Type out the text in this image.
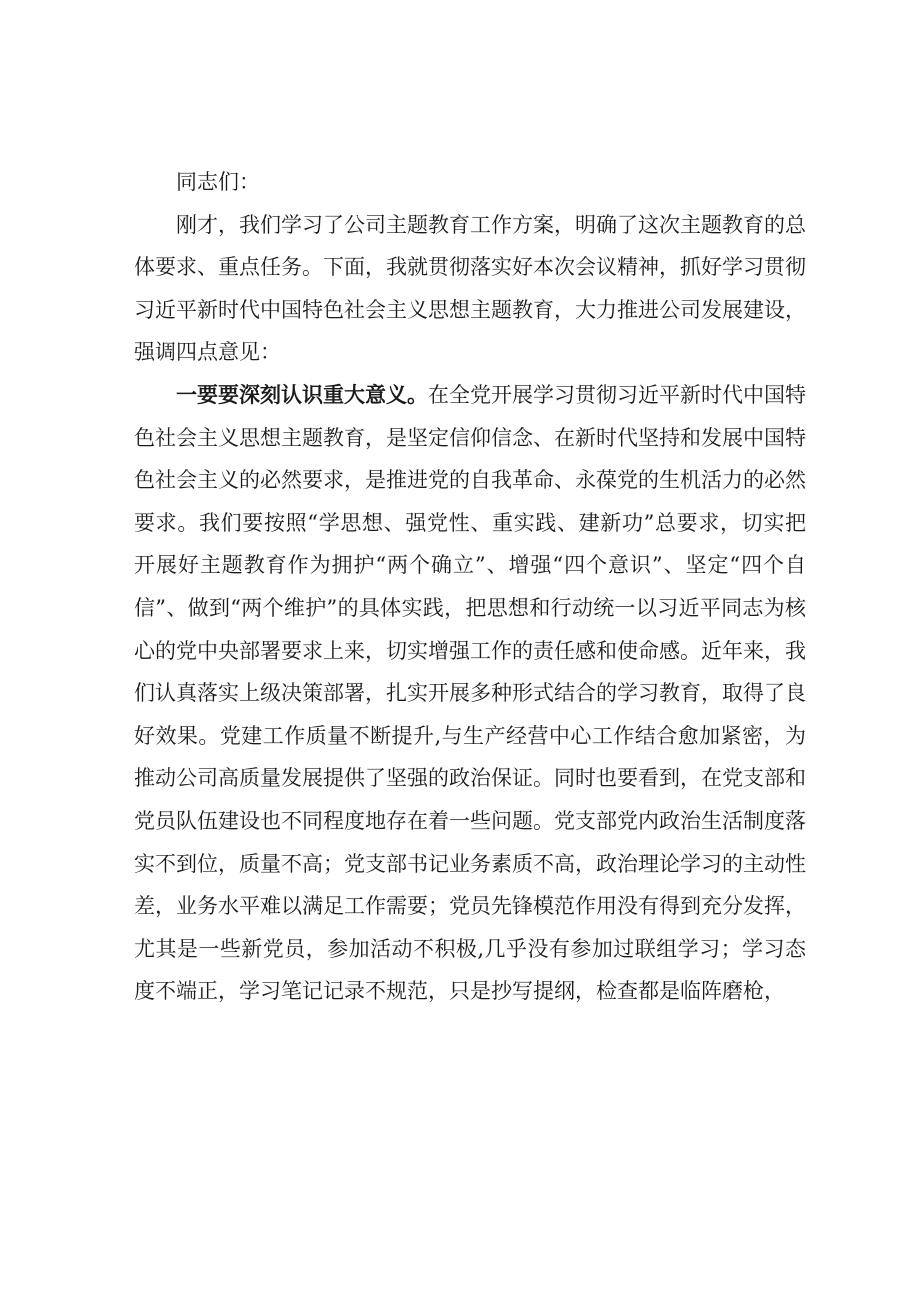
同志们：

刚才，我们学习了公司主题教育工作方案，明确了这次主题教育的总体要求、重点任务。下面，我就贯彻落实好本次会议精神，抓好学习贯彻习近平新时代中国特色社会主义思想主题教育，大力推进公司发展建设，强调四点意见：

一要要深刻认识重大意义。在全党开展学习贯彻习近平新时代中国特色社会主义思想主题教育，是坚定信仰信念、在新时代坚持和发展中国特色社会主义的必然要求，是推进党的自我革命、永葆党的生机活力的必然要求。我们要按照“学思想、强党性、重实践、建新功”总要求，切实把开展好主题教育作为拥护“两个确立”、增强“四个意识”、坚定“四个自信”、做到“两个维护”的具体实践，把思想和行动统一以习近平同志为核心的党中央部署要求上来，切实增强工作的责任感和使命感。近年来，我们认真落实上级决策部署，扎实开展多种形式结合的学习教育，取得了良好效果。党建工作质量不断提升,与生产经营中心工作结合愈加紧密，为推动公司高质量发展提供了坚强的政治保证。同时也要看到，在党支部和党员队伍建设也不同程度地存在着一些问题。党支部党内政治生活制度落实不到位，质量不高；党支部书记业务素质不高，政治理论学习的主动性差，业务水平难以满足工作需要；党员先锋模范作用没有得到充分发挥，尤其是一些新党员，参加活动不积极,几乎没有参加过联组学习；学习态度不端正，学习笔记记录不规范，只是抄写提纲，检查都是临阵磨枪，
